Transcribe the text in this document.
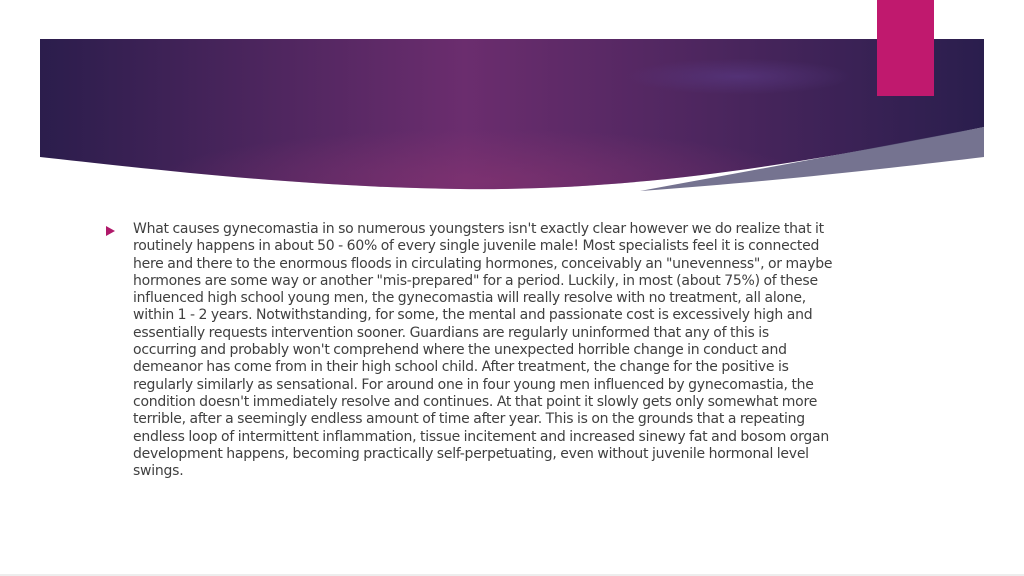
What causes gynecomastia in so numerous youngsters isn't exactly clear however we do realize that it routinely happens in about 50 - 60% of every single juvenile male! Most specialists feel it is connected here and there to the enormous floods in circulating hormones, conceivably an "unevenness", or maybe hormones are some way or another "mis-prepared" for a period. Luckily, in most (about 75%) of these influenced high school young men, the gynecomastia will really resolve with no treatment, all alone, within 1 - 2 years. Notwithstanding, for some, the mental and passionate cost is excessively high and essentially requests intervention sooner. Guardians are regularly uninformed that any of this is occurring and probably won't comprehend where the unexpected horrible change in conduct and demeanor has come from in their high school child. After treatment, the change for the positive is regularly similarly as sensational. For around one in four young men influenced by gynecomastia, the condition doesn't immediately resolve and continues. At that point it slowly gets only somewhat more terrible, after a seemingly endless amount of time after year. This is on the grounds that a repeating endless loop of intermittent inflammation, tissue incitement and increased sinewy fat and bosom organ development happens, becoming practically self-perpetuating, even without juvenile hormonal level swings.
